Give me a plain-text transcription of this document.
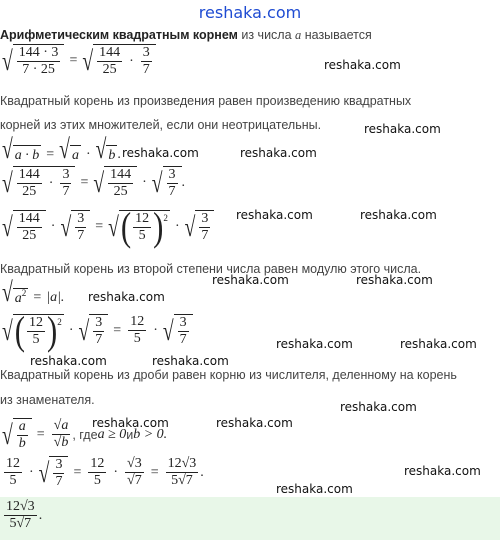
reshaka.com
Арифметическим квадратным корнем из числа a называется
√ $\frac{144 \cdot 3}{7 \cdot 25}$ = √ $\frac{144}{25} \cdot \frac{3}{7}$	reshaka.com
Квадратный корень из произведения равен произведению квадратных
корней из этих множителей, если они неотрицательны.	reshaka.com
√ a · b = √ a · √ b . reshaka.com	reshaka.com
√ $\frac{144}{25} \cdot \frac{3}{7}$ = √ $\frac{144}{25}$ · √ $\frac{3}{7}$ .
√ $\frac{144}{25}$ · √ $\frac{3}{7}$ = √ ( $\frac{12}{5}$ ) 2
· √ $\frac{3}{7}$ reshaka.com	reshaka.com
Квадратный корень из второй степени числа равен модулю этого числа.
reshaka.com	reshaka.com
√ a 2 = |a|. reshaka.com
√ ( $\frac{12}{5}$ ) 2
· √ $\frac{3}{7} = \frac{12}{5}$ · √ $\frac{3}{7}$	reshaka.com	reshaka.com
reshaka.com	reshaka.com
Квадратный корень из дроби равен корню из числителя, деленному на корень
из знаменателя.	reshaka.com
reshaka.com	reshaka.com
√ $\frac{a}{b} = \frac{√a}{√b}$ , где a ≥ 0 и b > 0.
$\frac{12}{5}$ · √ $\frac{3}{7} = \frac{12}{5} \cdot \frac{√3}{√7} = \frac{12√3}{5√7}$ .	reshaka.com
reshaka.com
$\frac{12√3}{5√7}$ .
